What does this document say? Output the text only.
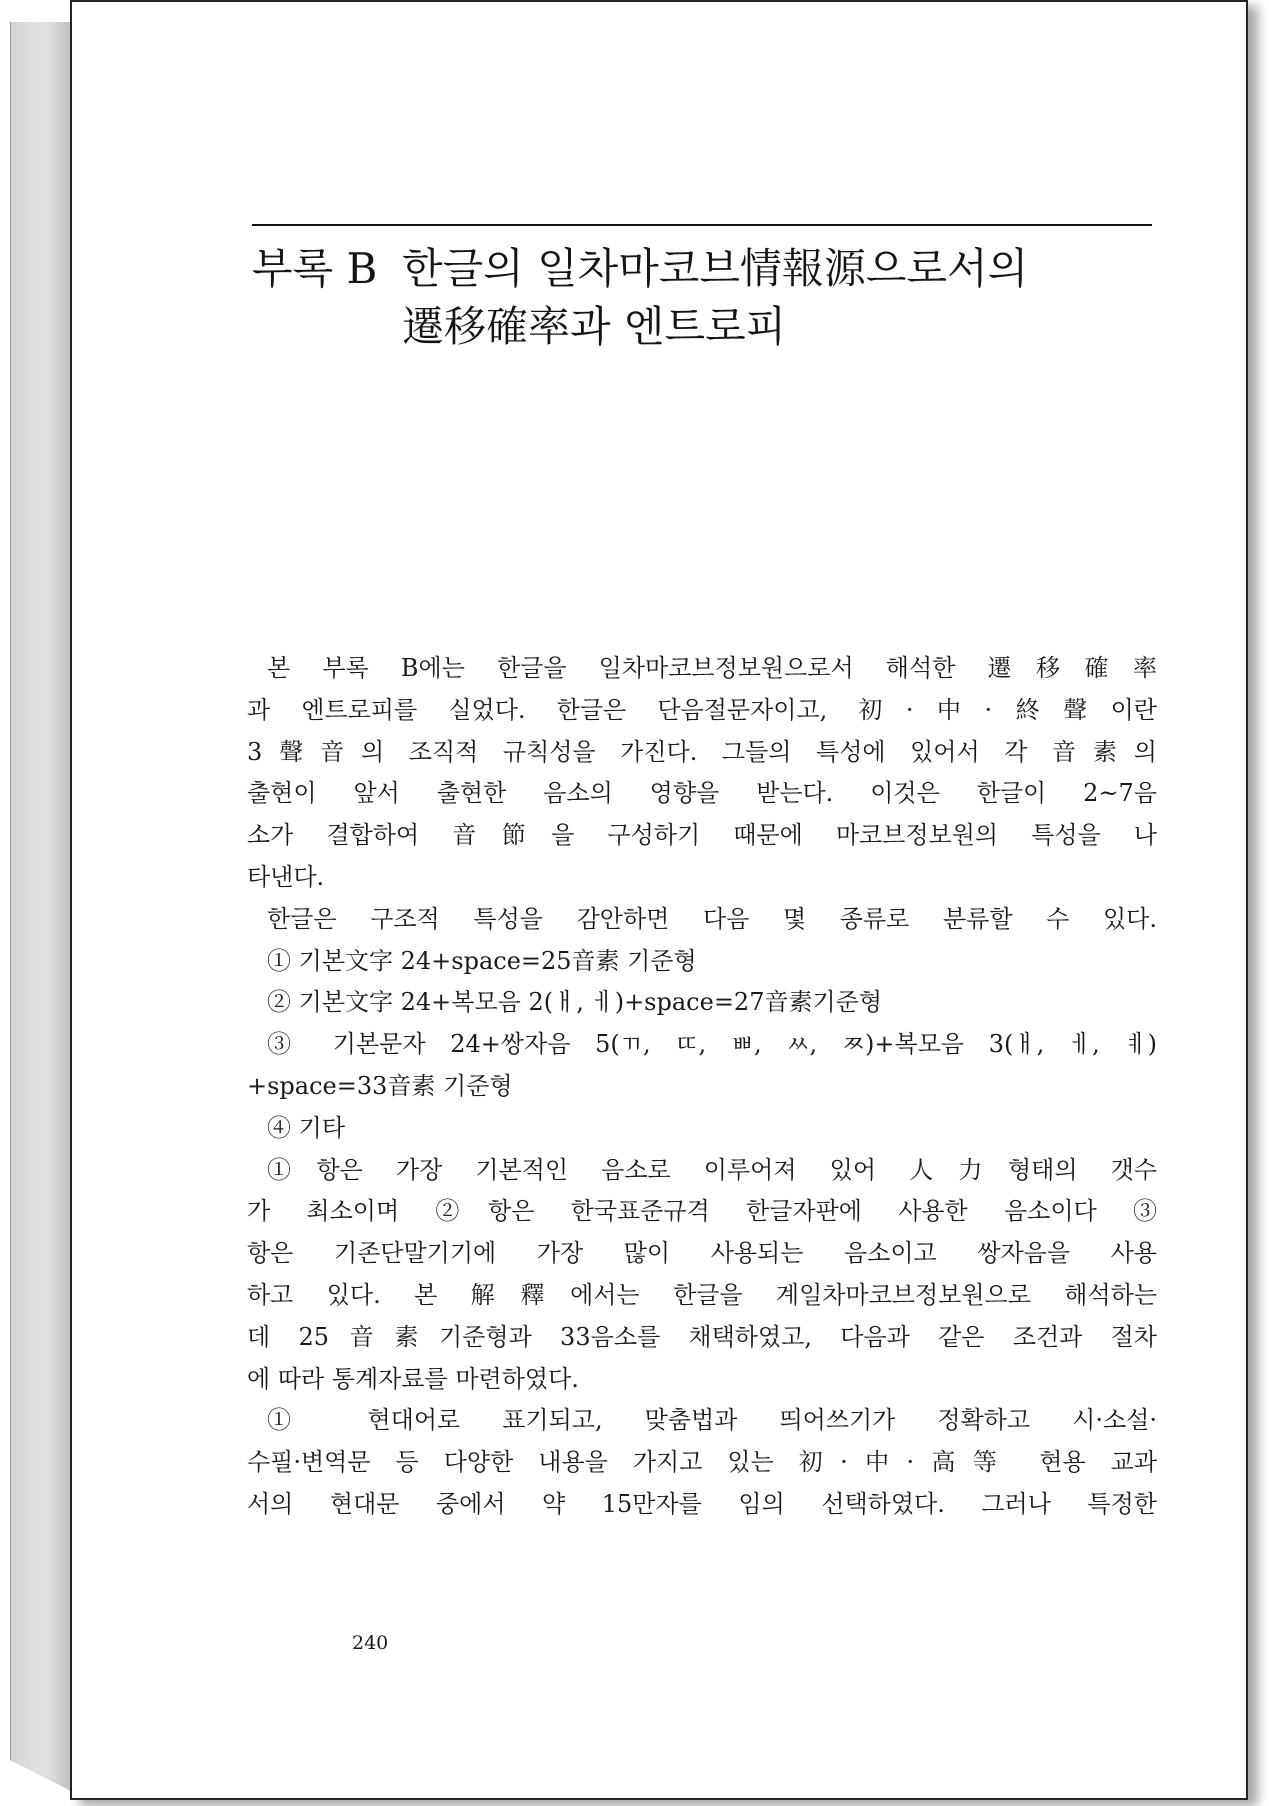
부록 B 한글의 일차마코브情報源으로서의
遷移確率과 엔트로피
본 부록 B에는 한글을 일차마코브정보원으로서 해석한 遷移確率
과 엔트로피를 실었다. 한글은 단음절문자이고, 初·中·終聲이란
3聲音의 조직적 규칙성을 가진다. 그들의 특성에 있어서 각 音素의
출현이 앞서 출현한 음소의 영향을 받는다. 이것은 한글이 2~7음
소가 결합하여 音節을 구성하기 때문에 마코브정보원의 특성을 나
타낸다.
한글은 구조적 특성을 감안하면 다음 몇 종류로 분류할 수 있다.
① 기본文字 24+space=25音素 기준형
② 기본文字 24+복모음 2(ㅐ, ㅔ)+space=27音素기준형
③ 기본문자 24+쌍자음 5(ㄲ, ㄸ, ㅃ, ㅆ, ㅉ)+복모음 3(ㅐ, ㅔ, ㅖ)
+space=33音素 기준형
④ 기타
①항은 가장 기본적인 음소로 이루어져 있어 人力형태의 갯수
가 최소이며 ②항은 한국표준규격 한글자판에 사용한 음소이다 ③
항은 기존단말기기에 가장 많이 사용되는 음소이고 쌍자음을 사용
하고 있다. 본 解釋에서는 한글을 계일차마코브정보원으로 해석하는
데 25音素기준형과 33음소를 채택하였고, 다음과 같은 조건과 절차
에 따라 통계자료를 마련하였다.
① 현대어로 표기되고, 맞춤법과 띄어쓰기가 정확하고 시·소설·
수필·변역문 등 다양한 내용을 가지고 있는 初·中·高等 현용 교과
서의 현대문 중에서 약 15만자를 임의 선택하였다. 그러나 특정한
240
